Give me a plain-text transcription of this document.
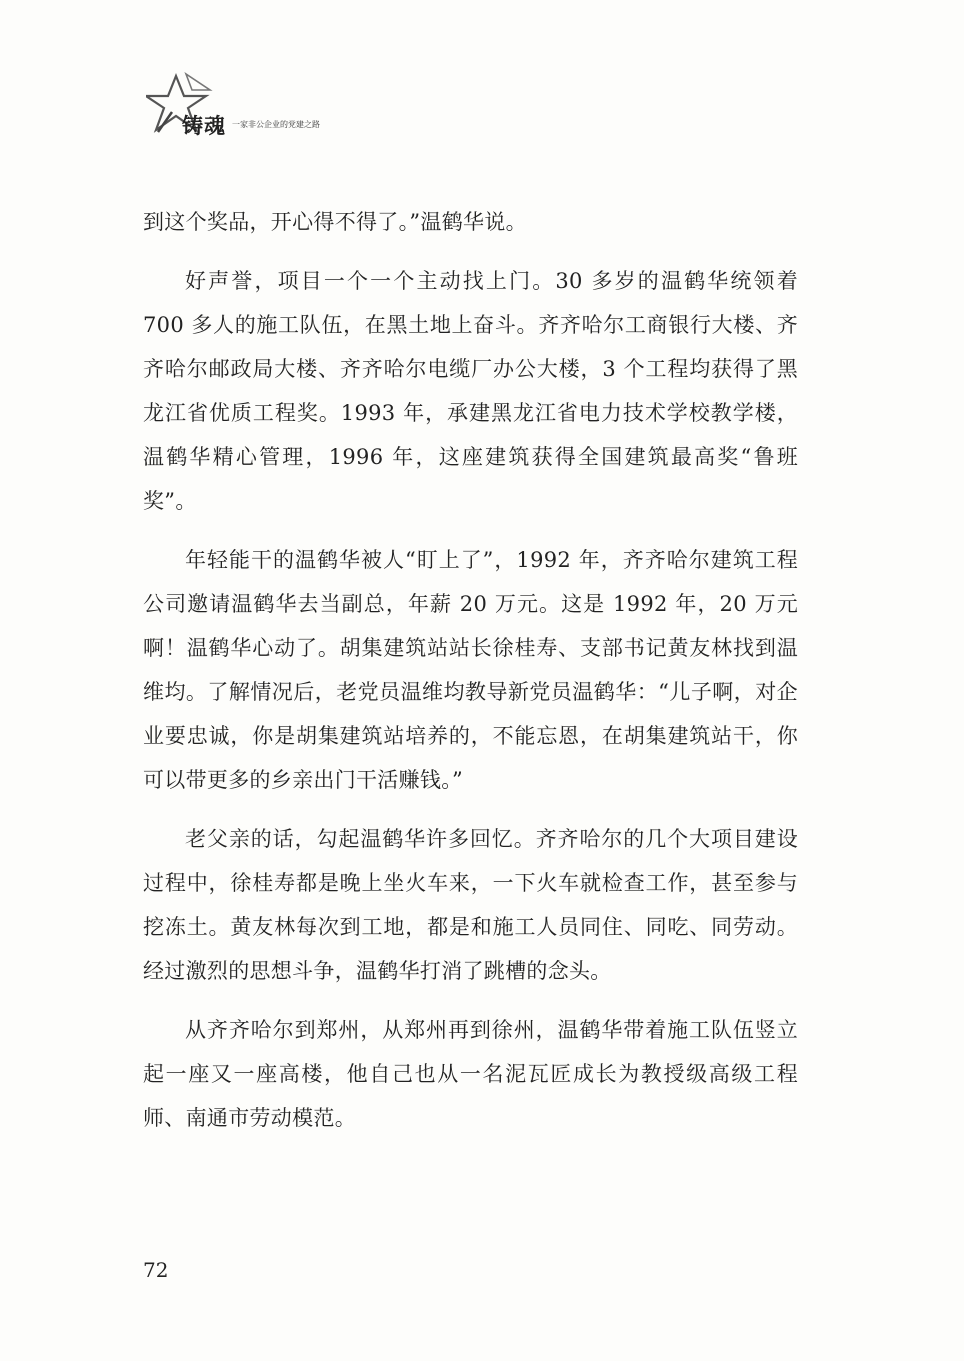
铸魂 一家非公企业的党建之路

到这个奖品，开心得不得了。”温鹤华说。

好声誉，项目一个一个主动找上门。30 多岁的温鹤华统领着 700 多人的施工队伍，在黑土地上奋斗。齐齐哈尔工商银行大楼、齐齐哈尔邮政局大楼、齐齐哈尔电缆厂办公大楼，3 个工程均获得了黑龙江省优质工程奖。1993 年，承建黑龙江省电力技术学校教学楼，温鹤华精心管理，1996 年，这座建筑获得全国建筑最高奖“鲁班奖”。

年轻能干的温鹤华被人“盯上了”，1992 年，齐齐哈尔建筑工程公司邀请温鹤华去当副总，年薪 20 万元。这是 1992 年，20 万元啊！温鹤华心动了。胡集建筑站站长徐桂寿、支部书记黄友林找到温维均。了解情况后，老党员温维均教导新党员温鹤华：“儿子啊，对企业要忠诚，你是胡集建筑站培养的，不能忘恩，在胡集建筑站干，你可以带更多的乡亲出门干活赚钱。”

老父亲的话，勾起温鹤华许多回忆。齐齐哈尔的几个大项目建设过程中，徐桂寿都是晚上坐火车来，一下火车就检查工作，甚至参与挖冻土。黄友林每次到工地，都是和施工人员同住、同吃、同劳动。经过激烈的思想斗争，温鹤华打消了跳槽的念头。

从齐齐哈尔到郑州，从郑州再到徐州，温鹤华带着施工队伍竖立起一座又一座高楼，他自己也从一名泥瓦匠成长为教授级高级工程师、南通市劳动模范。

72
